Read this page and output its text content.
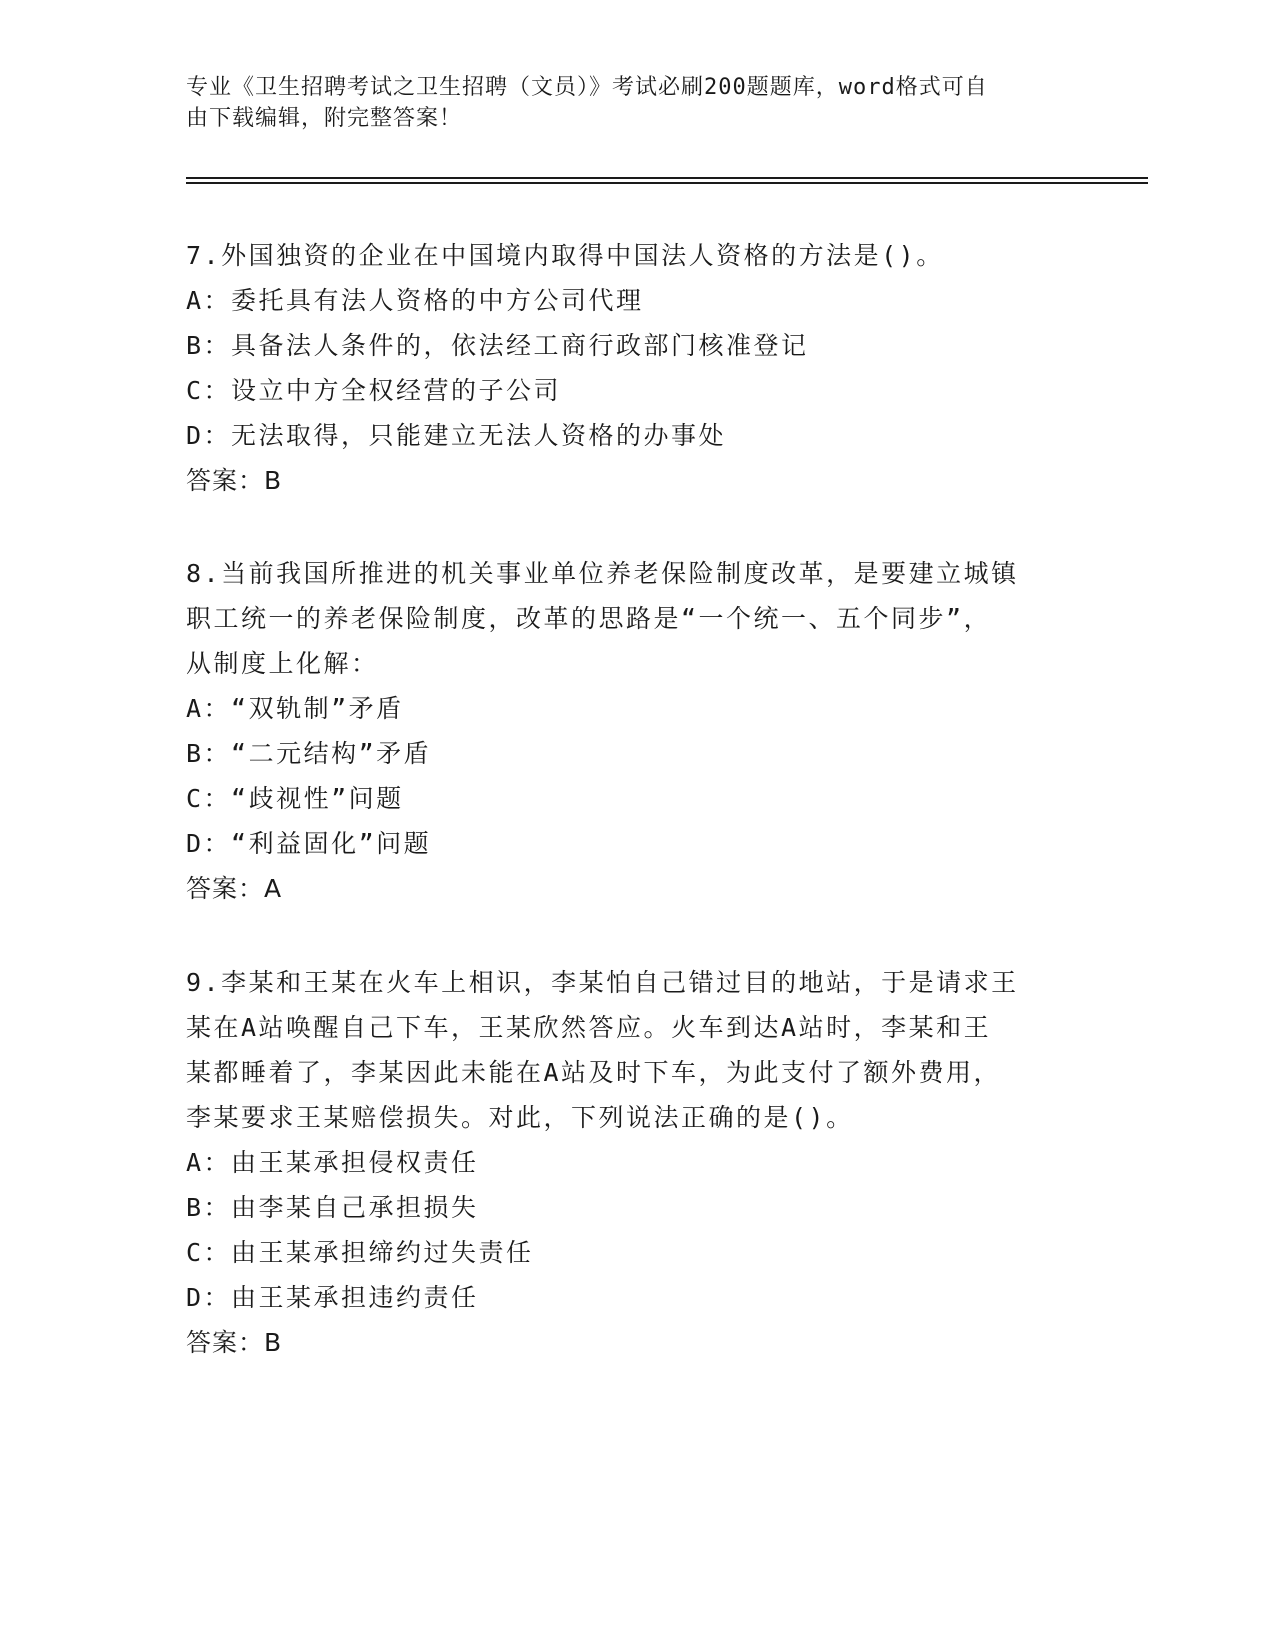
专业《卫生招聘考试之卫生招聘（文员）》考试必刷200题题库，word格式可自
由下载编辑，附完整答案！
7.外国独资的企业在中国境内取得中国法人资格的方法是()。
A：委托具有法人资格的中方公司代理
B：具备法人条件的，依法经工商行政部门核准登记
C：设立中方全权经营的子公司
D：无法取得，只能建立无法人资格的办事处
答案：B
8.当前我国所推进的机关事业单位养老保险制度改革，是要建立城镇
职工统一的养老保险制度，改革的思路是“一个统一、五个同步”，
从制度上化解：
A：“双轨制”矛盾
B：“二元结构”矛盾
C：“歧视性”问题
D：“利益固化”问题
答案：A
9.李某和王某在火车上相识，李某怕自己错过目的地站，于是请求王
某在A站唤醒自己下车，王某欣然答应。火车到达A站时，李某和王
某都睡着了，李某因此未能在A站及时下车，为此支付了额外费用，
李某要求王某赔偿损失。对此，下列说法正确的是()。
A：由王某承担侵权责任
B：由李某自己承担损失
C：由王某承担缔约过失责任
D：由王某承担违约责任
答案：B
